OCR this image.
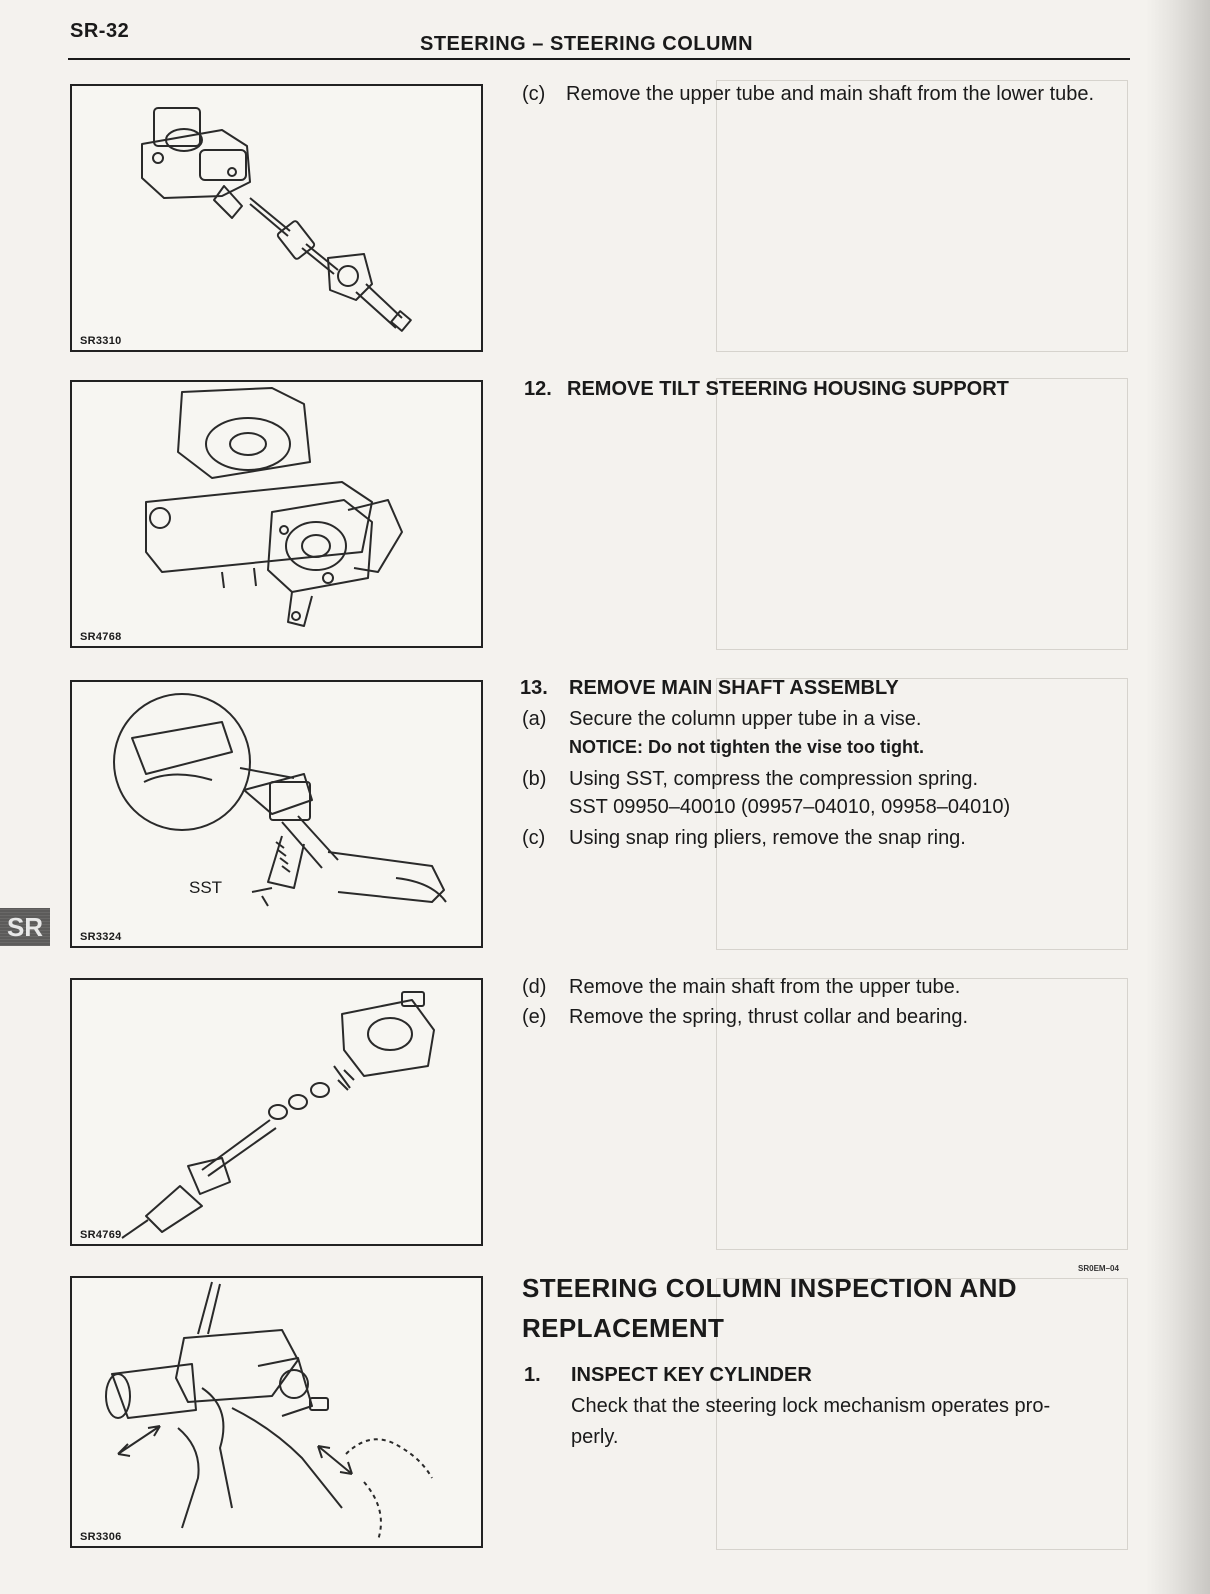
SR-32
STEERING – STEERING COLUMN
SR3310
SR4768
SST
SR3324
SR4769
SR3306
(c) Remove the upper tube and main shaft from the lower tube.
12. REMOVE TILT STEERING HOUSING SUPPORT
13. REMOVE MAIN SHAFT ASSEMBLY
(a) Secure the column upper tube in a vise.
NOTICE: Do not tighten the vise too tight.
(b) Using SST, compress the compression spring.
SST 09950–40010 (09957–04010, 09958–04010)
(c) Using snap ring pliers, remove the snap ring.
(d) Remove the main shaft from the upper tube.
(e) Remove the spring, thrust collar and bearing.
SR0EM–04
STEERING COLUMN INSPECTION AND
REPLACEMENT
1. INSPECT KEY CYLINDER
Check that the steering lock mechanism operates pro-
perly.
SR
